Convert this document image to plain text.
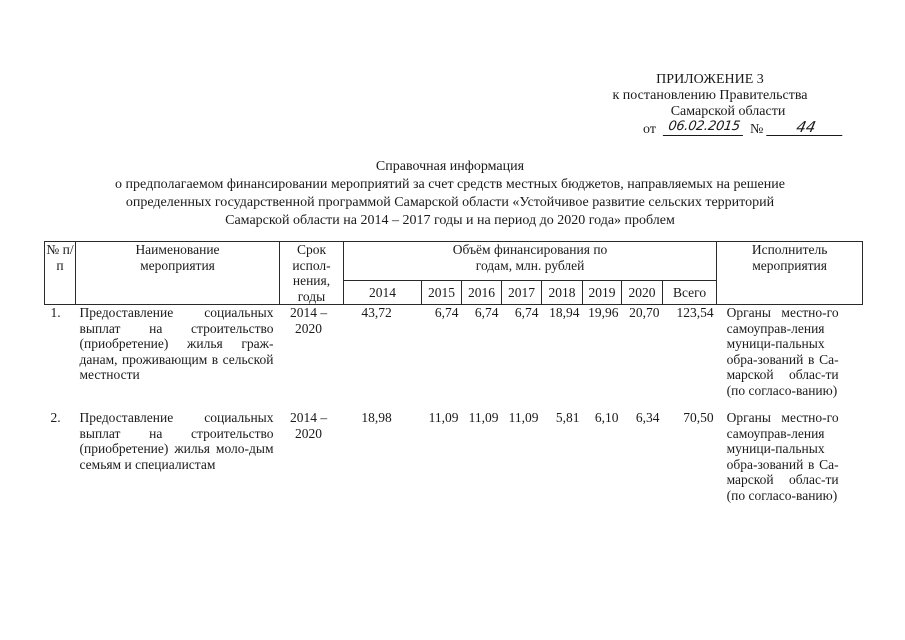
ПРИЛОЖЕНИЕ 3
к постановлению Правительства
Самарской области
от 06.02.2015 №	44
Справочная информация
о предполагаемом финансировании мероприятий за счет средств местных бюджетов, направляемых на решение
определенных государственной программой Самарской области «Устойчивое развитие сельских территорий
Самарской области на 2014 – 2017 годы и на период до 2020 года» проблем
№ п/п	Наименование мероприятия	Срок испол-нения, годы	Объём финансирования по годам, млн. рублей								Исполнитель мероприятия
			2014	2015	2016	2017	2018	2019	2020	Всего	
1.	Предоставление социальных выплат на строительство (приобретение) жилья граж-данам, проживающим в сельской местности	2014 – 2020	43,72	6,74	6,74	6,74	18,94	19,96	20,70	123,54	Органы местно-го самоуправ-ления муници-пальных обра-зований в Са-марской облас-ти (по согласо-ванию)
2.	Предоставление социальных выплат на строительство (приобретение) жилья моло-дым семьям и специалистам	2014 – 2020	18,98	11,09	11,09	11,09	5,81	6,10	6,34	70,50	Органы местно-го самоуправ-ления муници-пальных обра-зований в Са-марской облас-ти (по согласо-ванию)
